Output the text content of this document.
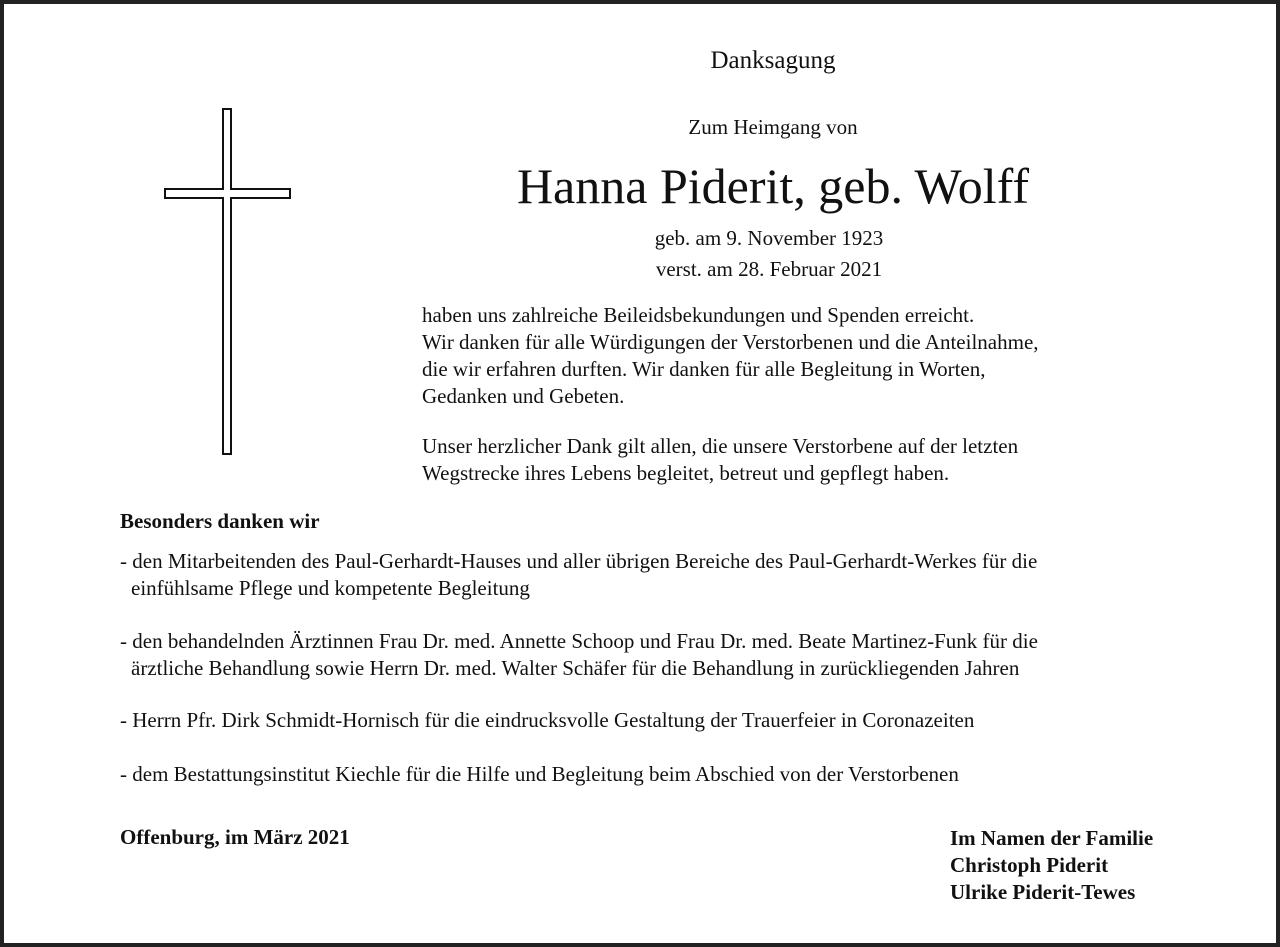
Danksagung
Zum Heimgang von
Hanna Piderit, geb. Wolff
geb. am 9. November 1923
verst. am 28. Februar 2021
haben uns zahlreiche Beileidsbekundungen und Spenden erreicht.
Wir danken für alle Würdigungen der Verstorbenen und die Anteilnahme,
die wir erfahren durften. Wir danken für alle Begleitung in Worten,
Gedanken und Gebeten.
Unser herzlicher Dank gilt allen, die unsere Verstorbene auf der letzten
Wegstrecke ihres Lebens begleitet, betreut und gepflegt haben.
Besonders danken wir
- den Mitarbeitenden des Paul-Gerhardt-Hauses und aller übrigen Bereiche des Paul-Gerhardt-Werkes für die
einfühlsame Pflege und kompetente Begleitung
- den behandelnden Ärztinnen Frau Dr. med. Annette Schoop und Frau Dr. med. Beate Martinez-Funk für die
ärztliche Behandlung sowie Herrn Dr. med. Walter Schäfer für die Behandlung in zurückliegenden Jahren
- Herrn Pfr. Dirk Schmidt-Hornisch für die eindrucksvolle Gestaltung der Trauerfeier in Coronazeiten
- dem Bestattungsinstitut Kiechle für die Hilfe und Begleitung beim Abschied von der Verstorbenen
Offenburg, im März 2021	Im Namen der Familie
Christoph Piderit
Ulrike Piderit-Tewes
